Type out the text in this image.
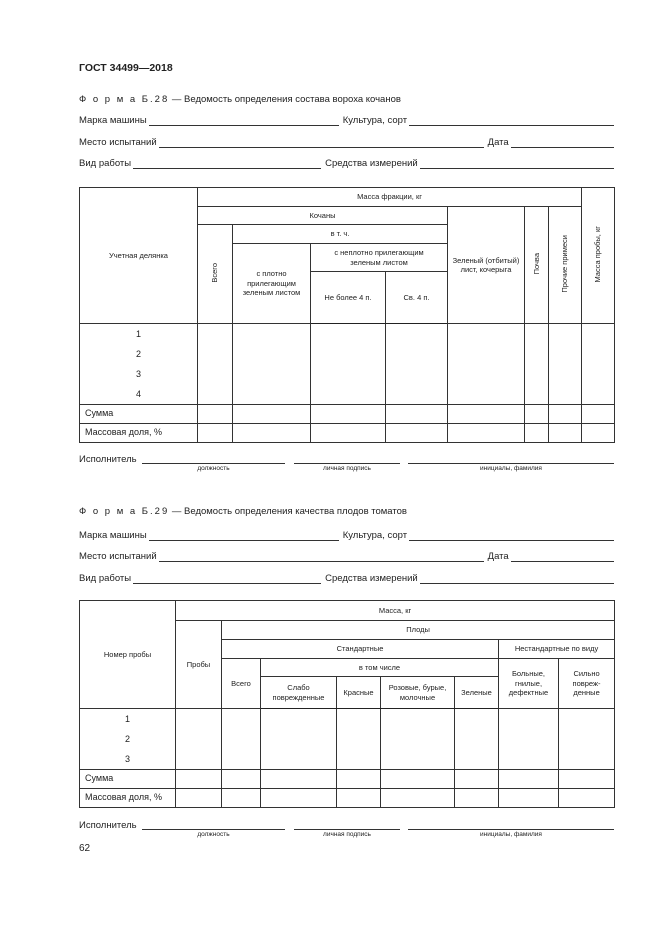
ГОСТ 34499—2018
Ф о р м а Б.28 — Ведомость определения состава вороха кочанов
Марка машины	Культура, сорт
Место испытаний	Дата
Вид работы	Средства измерений
Учетная делянка	Масса фракции, кг							Масса пробы, кг
	Кочаны				Зеленый (отбитый) лист, кочерыга	Почва	Прочие примеси	
	Всего	в т. ч.						
		с плотно прилегающим зеленым листом	с неплотно прилегающим зеленым листом					
			Не более 4 п.	Св. 4 п.				

1
2
3
4								

Сумма								
Массовая доля, %								
Исполнитель
должность	личная подпись	инициалы, фамилия
Ф о р м а Б.29 — Ведомость определения качества плодов томатов
Марка машины	Культура, сорт
Место испытаний	Дата
Вид работы	Средства измерений
Номер пробы	Масса, кг							
	Пробы	Плоды						
		Стандартные					Нестандартные по виду	
		Всего	в том числе				Больные, гнилые, дефектные	Сильно повреж-денные
			Слабо поврежденные	Красные	Розовые, бурые, молочные	Зеленые		

1
2
3								

Сумма								
Массовая доля, %								
Исполнитель
должность	личная подпись	инициалы, фамилия
62
